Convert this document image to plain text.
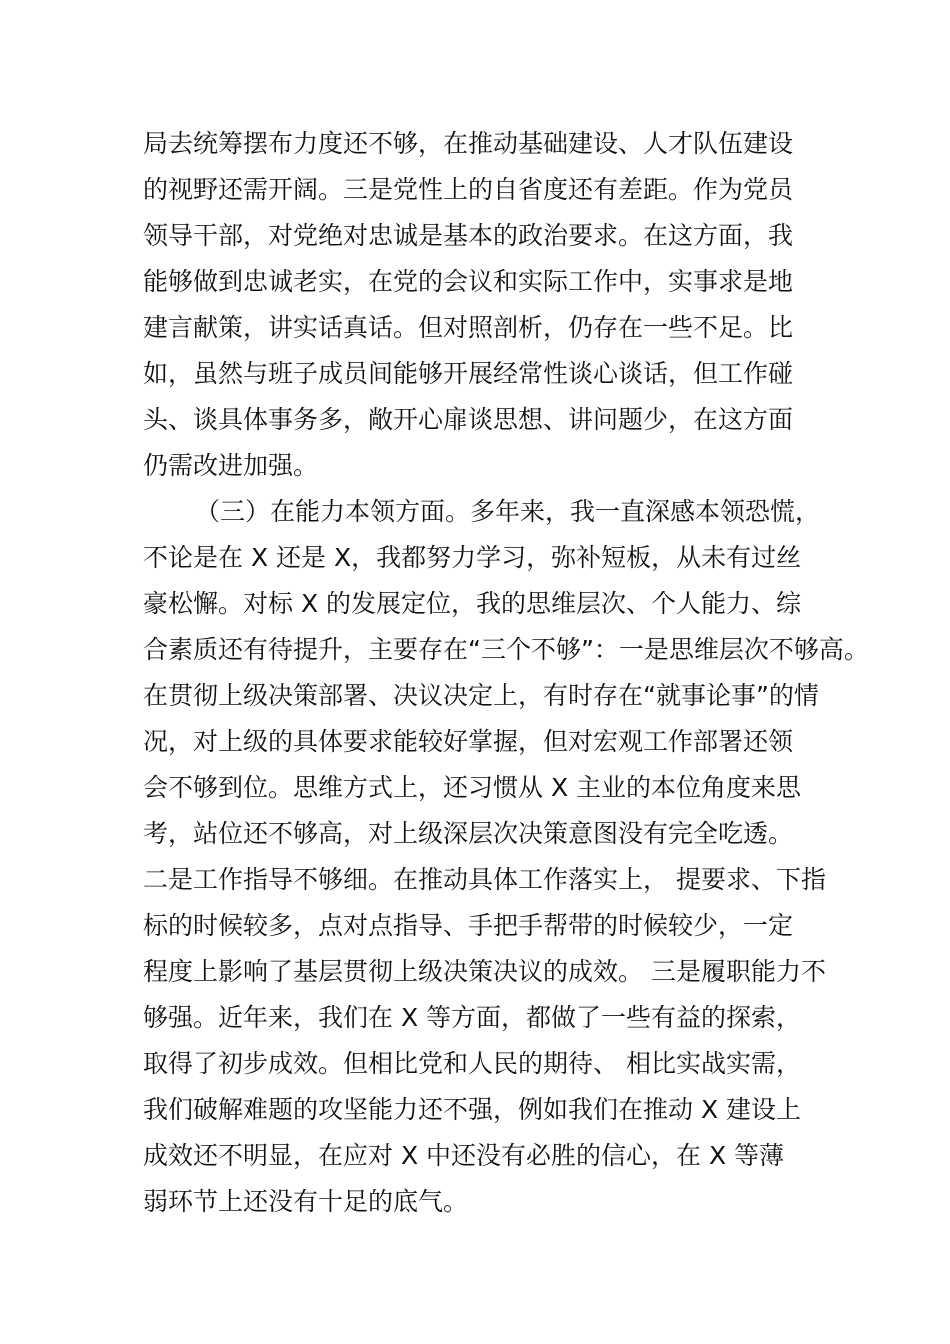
局去统筹摆布力度还不够，在推动基础建设、人才队伍建设
的视野还需开阔。三是党性上的自省度还有差距。作为党员
领导干部，对党绝对忠诚是基本的政治要求。在这方面，我
能够做到忠诚老实，在党的会议和实际工作中，实事求是地
建言献策，讲实话真话。但对照剖析，仍存在一些不足。比
如，虽然与班子成员间能够开展经常性谈心谈话，但工作碰
头、谈具体事务多，敞开心扉谈思想、讲问题少，在这方面
仍需改进加强。
（三）在能力本领方面。多年来，我一直深感本领恐慌，
不论是在 X 还是 X，我都努力学习，弥补短板，从未有过丝
豪松懈。对标 X 的发展定位，我的思维层次、个人能力、综
合素质还有待提升，主要存在“三个不够”：一是思维层次不够高。
在贯彻上级决策部署、决议决定上，有时存在“就事论事”的情
况，对上级的具体要求能较好掌握，但对宏观工作部署还领
会不够到位。思维方式上，还习惯从 X 主业的本位角度来思
考，站位还不够高，对上级深层次决策意图没有完全吃透。
二是工作指导不够细。在推动具体工作落实上， 提要求、下指
标的时候较多，点对点指导、手把手帮带的时候较少，一定
程度上影响了基层贯彻上级决策决议的成效。 三是履职能力不
够强。近年来，我们在 X 等方面，都做了一些有益的探索，
取得了初步成效。但相比党和人民的期待、 相比实战实需，
我们破解难题的攻坚能力还不强，例如我们在推动 X 建设上
成效还不明显，在应对 X 中还没有必胜的信心，在 X 等薄
弱环节上还没有十足的底气。
